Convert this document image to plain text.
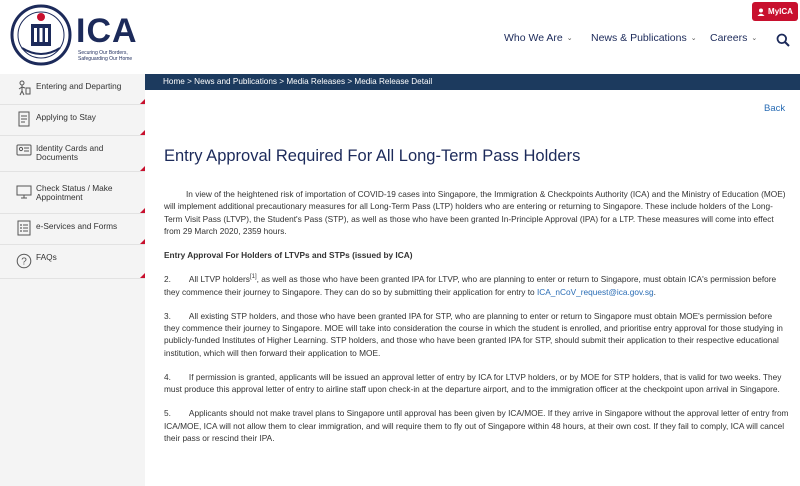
ICA
Securing Our Borders, Safeguarding Our Home
MyICA
Who We Are ⌄ News & Publications ⌄ Careers ⌄
Entering and Departing
Applying to Stay
Identity Cards and Documents
Check Status / Make Appointment
e-Services and Forms
? FAQs
Home > News and Publications > Media Releases > Media Release Detail
Back
Entry Approval Required For All Long-Term Pass Holders

In view of the heightened risk of importation of COVID-19 cases into Singapore, the Immigration & Checkpoints Authority (ICA) and the Ministry of Education (MOE) will implement additional precautionary measures for all Long-Term Pass (LTP) holders who are entering or returning to Singapore. These include holders of the Long-Term Visit Pass (LTVP), the Student's Pass (STP), as well as those who have been granted In-Principle Approval (IPA) for a LTP. These measures will come into effect from 29 March 2020, 2359 hours.

Entry Approval For Holders of LTVPs and STPs (issued by ICA)

2. All LTVP holders[1], as well as those who have been granted IPA for LTVP, who are planning to enter or return to Singapore, must obtain ICA's permission before they commence their journey to Singapore. They can do so by submitting their application for entry to ICA_nCoV_request@ica.gov.sg.

3. All existing STP holders, and those who have been granted IPA for STP, who are planning to enter or return to Singapore must obtain MOE's permission before they commence their journey to Singapore. MOE will take into consideration the course in which the student is enrolled, and prioritise entry approval for those studying in publicly-funded Institutes of Higher Learning. STP holders, and those who have been granted IPA for STP, should submit their application to their respective educational institution, which will then forward their application to MOE.

4. If permission is granted, applicants will be issued an approval letter of entry by ICA for LTVP holders, or by MOE for STP holders, that is valid for two weeks. They must produce this approval letter of entry to airline staff upon check-in at the departure airport, and to the immigration officer at the checkpoint upon arrival in Singapore.

5. Applicants should not make travel plans to Singapore until approval has been given by ICA/MOE. If they arrive in Singapore without the approval letter of entry from ICA/MOE, ICA will not allow them to clear immigration, and will require them to fly out of Singapore within 48 hours, at their own cost. If they fail to comply, ICA will cancel their pass or rescind their IPA.
